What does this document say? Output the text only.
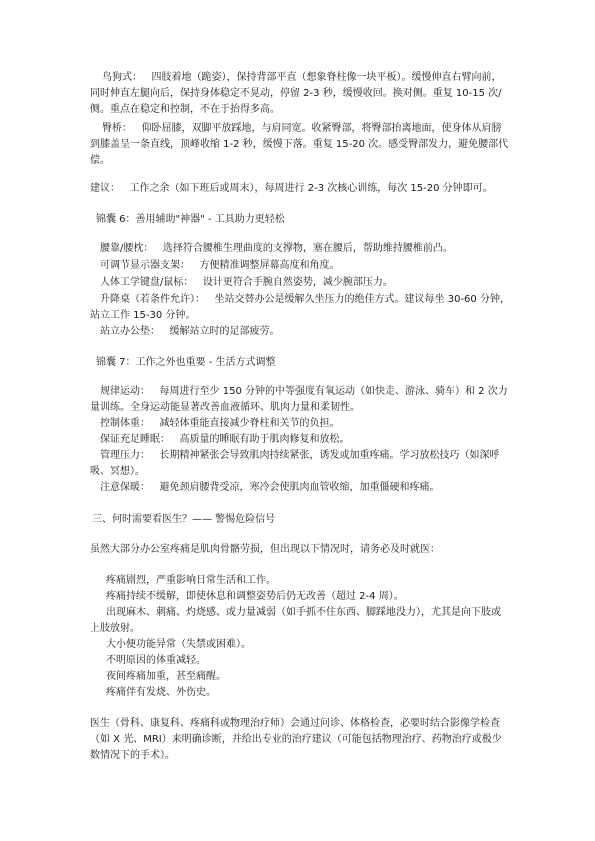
鸟狗式： 四肢着地（跪姿），保持背部平直（想象脊柱像一块平板）。缓慢伸直右臂向前，同时伸直左腿向后，保持身体稳定不晃动，停留 2-3 秒，缓慢收回。换对侧。重复 10-15 次/侧。重点在稳定和控制，不在于抬得多高。

臀桥： 仰卧屈膝，双脚平放踩地，与肩同宽。收紧臀部，将臀部抬离地面，使身体从肩膀到膝盖呈一条直线，顶峰收缩 1-2 秒，缓慢下落。重复 15-20 次。感受臀部发力，避免腰部代偿。

建议： 工作之余（如下班后或周末），每周进行 2-3 次核心训练，每次 15-20 分钟即可。

锦囊 6：善用辅助"神器" - 工具助力更轻松

腰靠/腰枕： 选择符合腰椎生理曲度的支撑物，塞在腰后，帮助维持腰椎前凸。

可调节显示器支架： 方便精准调整屏幕高度和角度。

人体工学键盘/鼠标： 设计更符合手腕自然姿势，减少腕部压力。

升降桌（若条件允许）： 坐站交替办公是缓解久坐压力的绝佳方式。建议每坐 30-60 分钟，站立工作 15-30 分钟。

站立办公垫： 缓解站立时的足部疲劳。

锦囊 7：工作之外也重要 - 生活方式调整

规律运动： 每周进行至少 150 分钟的中等强度有氧运动（如快走、游泳、骑车）和 2 次力量训练。全身运动能显著改善血液循环、肌肉力量和柔韧性。

控制体重： 减轻体重能直接减少脊柱和关节的负担。

保证充足睡眠： 高质量的睡眠有助于肌肉修复和放松。

管理压力： 长期精神紧张会导致肌肉持续紧张，诱发或加重疼痛。学习放松技巧（如深呼吸、冥想）。

注意保暖： 避免颈肩腰背受凉，寒冷会使肌肉血管收缩，加重僵硬和疼痛。

三、何时需要看医生？—— 警惕危险信号

虽然大部分办公室疼痛是肌肉骨骼劳损，但出现以下情况时，请务必及时就医：

疼痛剧烈，严重影响日常生活和工作。

疼痛持续不缓解，即使休息和调整姿势后仍无改善（超过 2-4 周）。

出现麻木、刺痛、灼烧感、或力量减弱（如手抓不住东西、脚踩地没力），尤其是向下肢或上肢放射。

大小便功能异常（失禁或困难）。

不明原因的体重减轻。

夜间疼痛加重，甚至痛醒。

疼痛伴有发烧、外伤史。

医生（骨科、康复科、疼痛科或物理治疗师）会通过问诊、体格检查，必要时结合影像学检查（如 X 光、MRI）来明确诊断，并给出专业的治疗建议（可能包括物理治疗、药物治疗或极少数情况下的手术）。
